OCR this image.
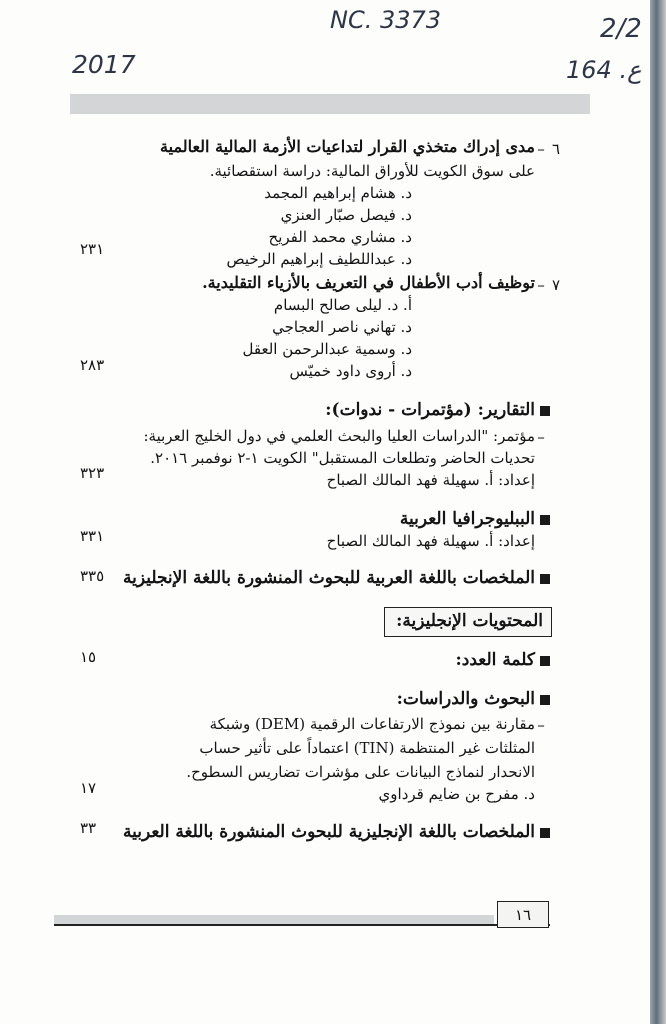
NC. 3373
2017
2/2
164 .ع
٦
–
مدى إدراك متخذي القرار لتداعيات الأزمة المالية العالمية
على سوق الكويت للأوراق المالية: دراسة استقصائية.
د. هشام إبراهيم المجمد
د. فيصل صبّار العنزي
د. مشاري محمد الفريح
د. عبداللطيف إبراهيم الرخيص
٢٣١
٧
–
توظيف أدب الأطفال في التعريف بالأزياء التقليدية.
أ. د. ليلى صالح البسام
د. تهاني ناصر العجاجي
د. وسمية عبدالرحمن العقل
د. أروى داود خميّس
٢٨٣
التقارير: (مؤتمرات - ندوات):
–
مؤتمر: "الدراسات العليا والبحث العلمي في دول الخليج العربية:
تحديات الحاضر وتطلعات المستقبل" الكويت ١-٢ نوفمبر ٢٠١٦.
إعداد: أ. سهيلة فهد المالك الصباح
٣٢٣
الببليوجرافيا العربية
إعداد: أ. سهيلة فهد المالك الصباح
٣٣١
الملخصات باللغة العربية للبحوث المنشورة باللغة الإنجليزية
٣٣٥
المحتويات الإنجليزية:
كلمة العدد:
١٥
البحوث والدراسات:
–
مقارنة بين نموذج الارتفاعات الرقمية (DEM) وشبكة
المثلثات غير المنتظمة (TIN) اعتماداً على تأثير حساب
الانحدار لنماذج البيانات على مؤشرات تضاريس السطوح.
د. مفرح بن ضايم قرداوي
١٧
الملخصات باللغة الإنجليزية للبحوث المنشورة باللغة العربية
٣٣
١٦
